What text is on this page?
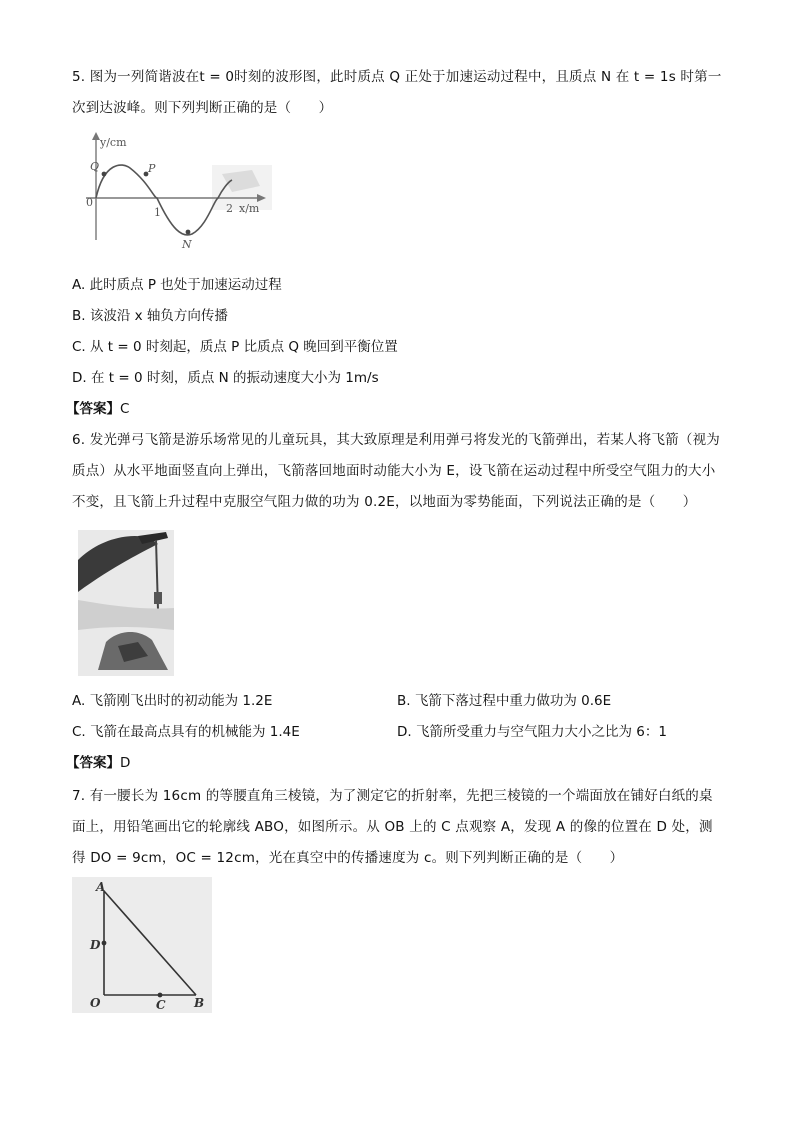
5. 图为一列简谐波在t = 0时刻的波形图，此时质点 Q 正处于加速运动过程中，且质点 N 在 t = 1s 时第一次到达波峰。则下列判断正确的是（　　）
y/cm
Q	P
0
1	2 x/m
N
A. 此时质点 P 也处于加速运动过程
B. 该波沿 x 轴负方向传播
C. 从 t = 0 时刻起，质点 P 比质点 Q 晚回到平衡位置
D. 在 t = 0 时刻，质点 N 的振动速度大小为 1m/s
【答案】C
6. 发光弹弓飞箭是游乐场常见的儿童玩具，其大致原理是利用弹弓将发光的飞箭弹出，若某人将飞箭（视为质点）从水平地面竖直向上弹出，飞箭落回地面时动能大小为 E，设飞箭在运动过程中所受空气阻力的大小不变，且飞箭上升过程中克服空气阻力做的功为 0.2E，以地面为零势能面，下列说法正确的是（　　）
A. 飞箭刚飞出时的初动能为 1.2E	B. 飞箭下落过程中重力做功为 0.6E
C. 飞箭在最高点具有的机械能为 1.4E	D. 飞箭所受重力与空气阻力大小之比为 6：1
【答案】D
7. 有一腰长为 16cm 的等腰直角三棱镜，为了测定它的折射率，先把三棱镜的一个端面放在铺好白纸的桌面上，用铅笔画出它的轮廓线 ABO，如图所示。从 OB 上的 C 点观察 A，发现 A 的像的位置在 D 处，测得 DO = 9cm，OC = 12cm，光在真空中的传播速度为 c。则下列判断正确的是（　　）
A
D
O	C B
